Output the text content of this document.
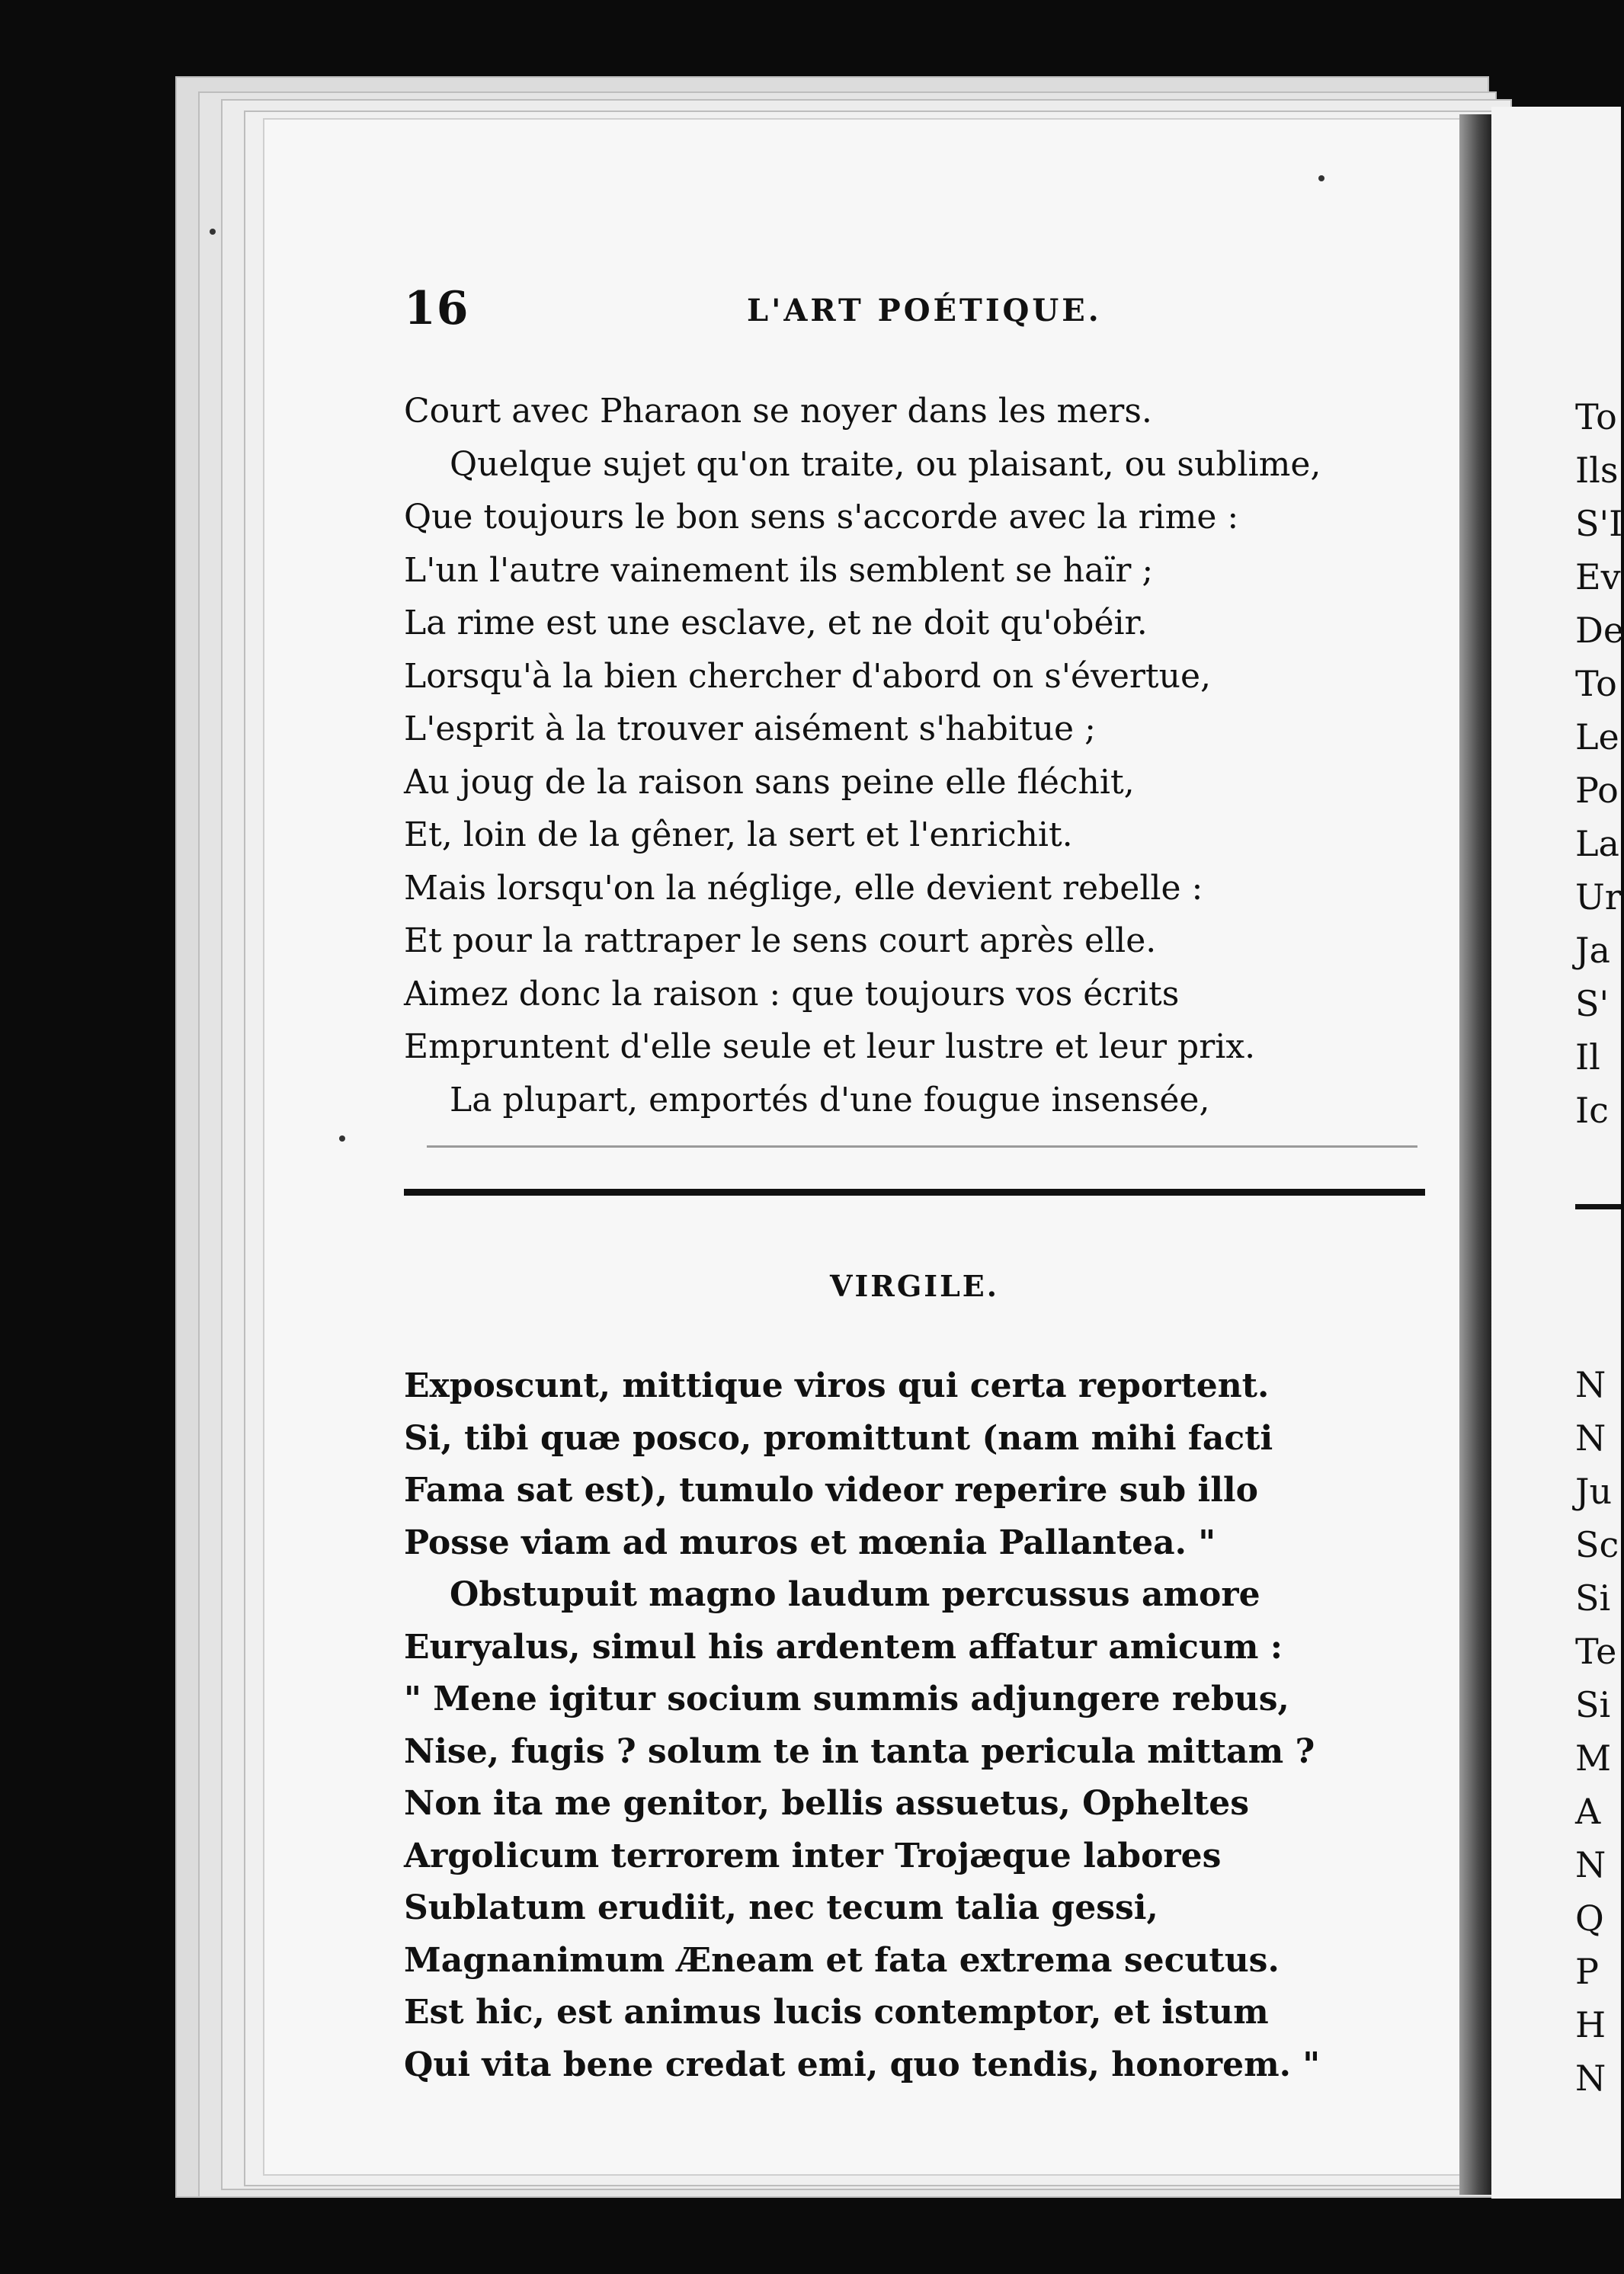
16	L'ART POÉTIQUE.
Court avec Pharaon se noyer dans les mers.
Quelque sujet qu'on traite, ou plaisant, ou sublime,
Que toujours le bon sens s'accorde avec la rime :
L'un l'autre vainement ils semblent se haïr ;
La rime est une esclave, et ne doit qu'obéir.
Lorsqu'à la bien chercher d'abord on s'évertue,
L'esprit à la trouver aisément s'habitue ;
Au joug de la raison sans peine elle fléchit,
Et, loin de la gêner, la sert et l'enrichit.
Mais lorsqu'on la néglige, elle devient rebelle :
Et pour la rattraper le sens court après elle.
Aimez donc la raison : que toujours vos écrits
Empruntent d'elle seule et leur lustre et leur prix.
La plupart, emportés d'une fougue insensée,
VIRGILE.
Exposcunt, mittique viros qui certa reportent.
Si, tibi quæ posco, promittunt (nam mihi facti
Fama sat est), tumulo videor reperire sub illo
Posse viam ad muros et mœnia Pallantea. "
Obstupuit magno laudum percussus amore
Euryalus, simul his ardentem affatur amicum :
" Mene igitur socium summis adjungere rebus,
Nise, fugis ? solum te in tanta pericula mittam ?
Non ita me genitor, bellis assuetus, Opheltes
Argolicum terrorem inter Trojæque labores
Sublatum erudiit, nec tecum talia gessi,
Magnanimum Æneam et fata extrema secutus.
Est hic, est animus lucis contemptor, et istum
Qui vita bene credat emi, quo tendis, honorem. "
To
Ils
S'I
Ev
De
To
Le
Po
La
Ur
Ja
S'
Il
Ic
N
N
Ju
Sc
Si
Te
Si
M
A
N
Q
P
H
N
